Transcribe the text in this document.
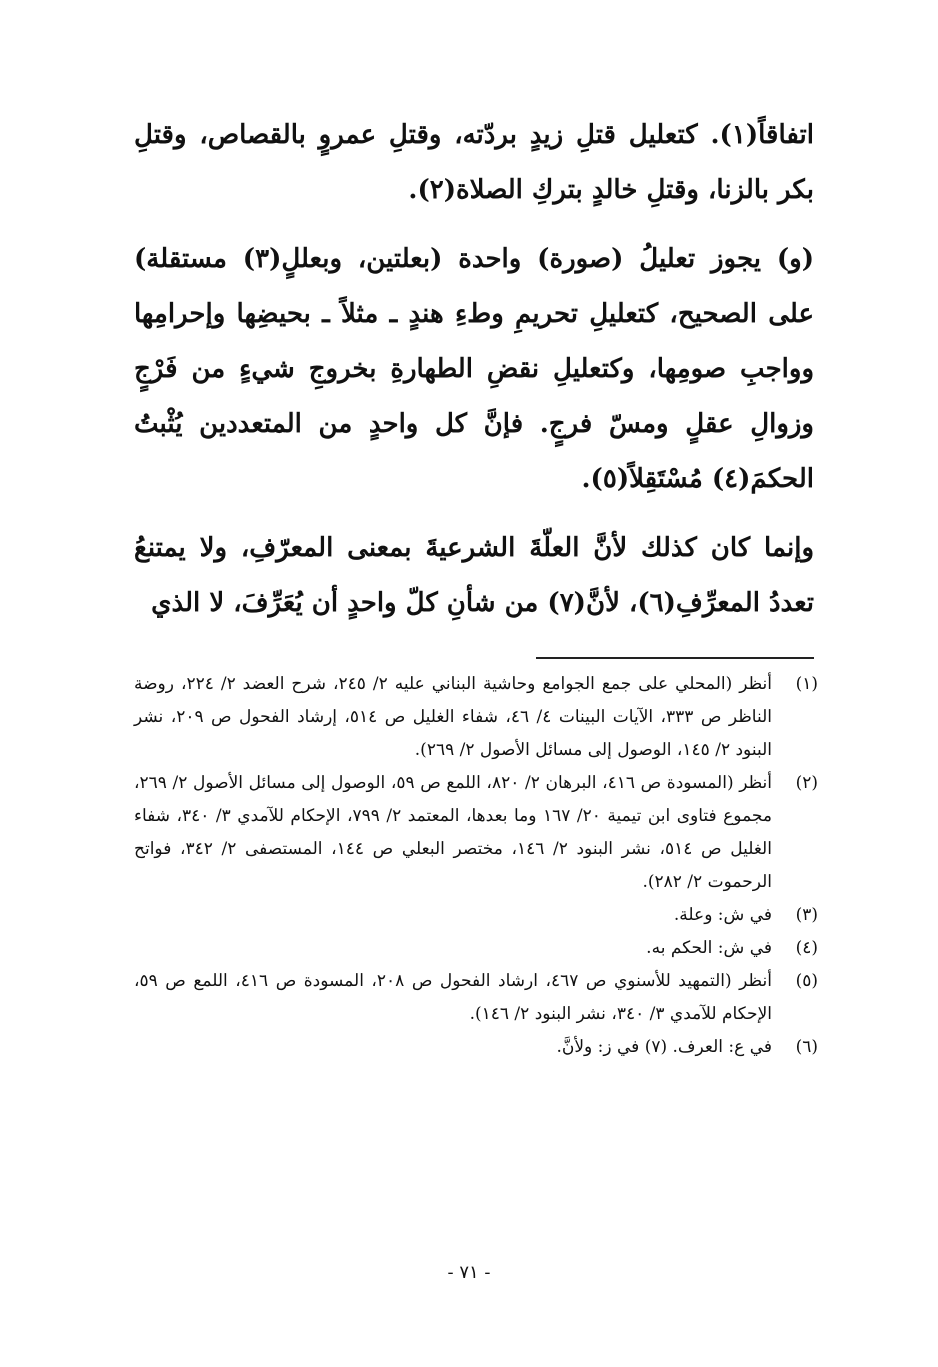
اتفاقاً(١). كتعليل قتلِ زيدٍ بردّته، وقتلِ عمروٍ بالقصاص، وقتلِ بكر بالزنا، وقتلِ خالدٍ بتركِ الصلاة(٢).

(و) يجوز تعليلُ (صورة) واحدة (بعلتين، وبعللٍ(٣) مستقلة) على الصحيح، كتعليلِ تحريمِ وطءِ هندٍ ـ مثلاً ـ بحيضِها وإحرامِها وواجبِ صومِها، وكتعليلِ نقضِ الطهارةِ بخروجِ شيءٍ من فَرْجٍ وزوالِ عقلٍ ومسّ فرجٍ. فإنَّ كل واحدٍ من المتعددين يُثْبتُ الحكمَ(٤) مُسْتَقِلاً(٥).

وإنما كان كذلك لأنَّ العلّةَ الشرعيةَ بمعنى المعرّفِ، ولا يمتنعُ تعددُ المعرِّفِ(٦)، لأنَّ(٧) من شأنِ كلّ واحدٍ أن يُعَرِّفَ، لا الذي

(١)
أنظر (المحلي على جمع الجوامع وحاشية البناني عليه ٢/ ٢٤٥، شرح العضد ٢/ ٢٢٤، روضة الناظر ص ٣٣٣، الآيات البينات ٤/ ٤٦، شفاء الغليل ص ٥١٤، إرشاد الفحول ص ٢٠٩، نشر البنود ٢/ ١٤٥، الوصول إلى مسائل الأصول ٢/ ٢٦٩).
(٢)
أنظر (المسودة ص ٤١٦، البرهان ٢/ ٨٢٠، اللمع ص ٥٩، الوصول إلى مسائل الأصول ٢/ ٢٦٩، مجموع فتاوى ابن تيمية ٢٠/ ١٦٧ وما بعدها، المعتمد ٢/ ٧٩٩، الإحكام للآمدي ٣/ ٣٤٠، شفاء الغليل ص ٥١٤، نشر البنود ٢/ ١٤٦، مختصر البعلي ص ١٤٤، المستصفى ٢/ ٣٤٢، فواتح الرحموت ٢/ ٢٨٢).
(٣)
في ش: وعلة.
(٤)
في ش: الحكم به.
(٥)
أنظر (التمهيد للأسنوي ص ٤٦٧، ارشاد الفحول ص ٢٠٨، المسودة ص ٤١٦، اللمع ص ٥٩، الإحكام للآمدي ٣/ ٣٤٠، نشر البنود ٢/ ١٤٦).
(٦)
في ع: العرف. (٧) في ز: ولأنَّ.
- ٧١ -
